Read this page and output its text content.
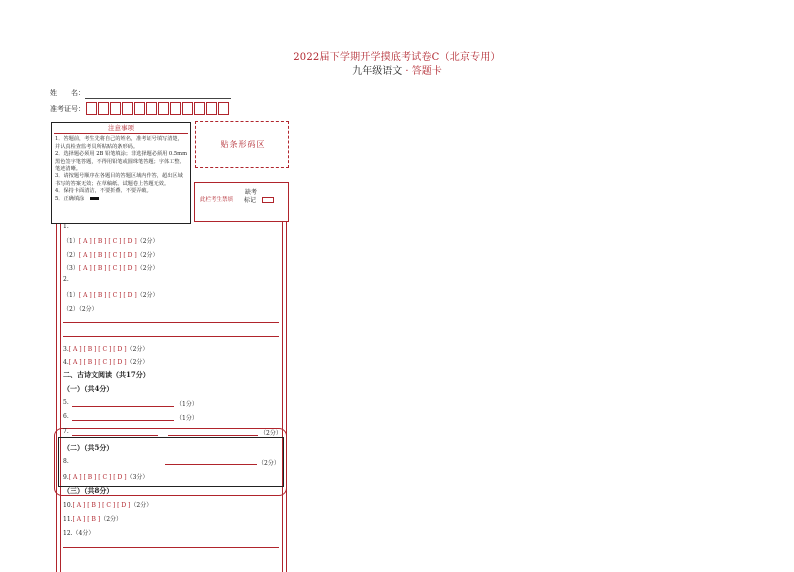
2022届下学期开学摸底考试卷C（北京专用）
九年级语文 · 答题卡
姓　　名：
准考证号：
注意事项
1．答题前，考生先将自己的姓名，准考证号填写清楚，并认真检查监考员所粘贴的条形码。
2．选择题必须用 2B 铅笔填涂；非选择题必须用 0.5mm 黑色签字笔答题，不得用铅笔或圆珠笔答题；字体工整、笔迹清晰。
3．请按题号顺序在各题目的答题区域内作答，超出区域书写的答案无效；在草稿纸、试题卷上答题无效。
4．保持卡面清洁，不要折叠、不要弄破。
5．正确填涂
贴条形码区
此栏考生禁填
缺考
标记
1.
（1）[ A ] [ B ] [ C ] [ D ]（2分）
（2）[ A ] [ B ] [ C ] [ D ]（2分）
（3）[ A ] [ B ] [ C ] [ D ]（2分）
2.
（1）[ A ] [ B ] [ C ] [ D ]（2分）
（2）（2分）
3.[ A ] [ B ] [ C ] [ D ]（2分）
4.[ A ] [ B ] [ C ] [ D ]（2分）
二、古诗文阅读（共17分）
（一）（共4分）
5.	（1分）
6.	（1分）
7.	（2分）
（二）（共5分）
8.	（2分）
9.[ A ] [ B ] [ C ] [ D ]（3分）
（三）（共8分）
10.[ A ] [ B ] [ C ] [ D ]（2分）
11.[ A ] [ B ]（2分）
12.（4分）
